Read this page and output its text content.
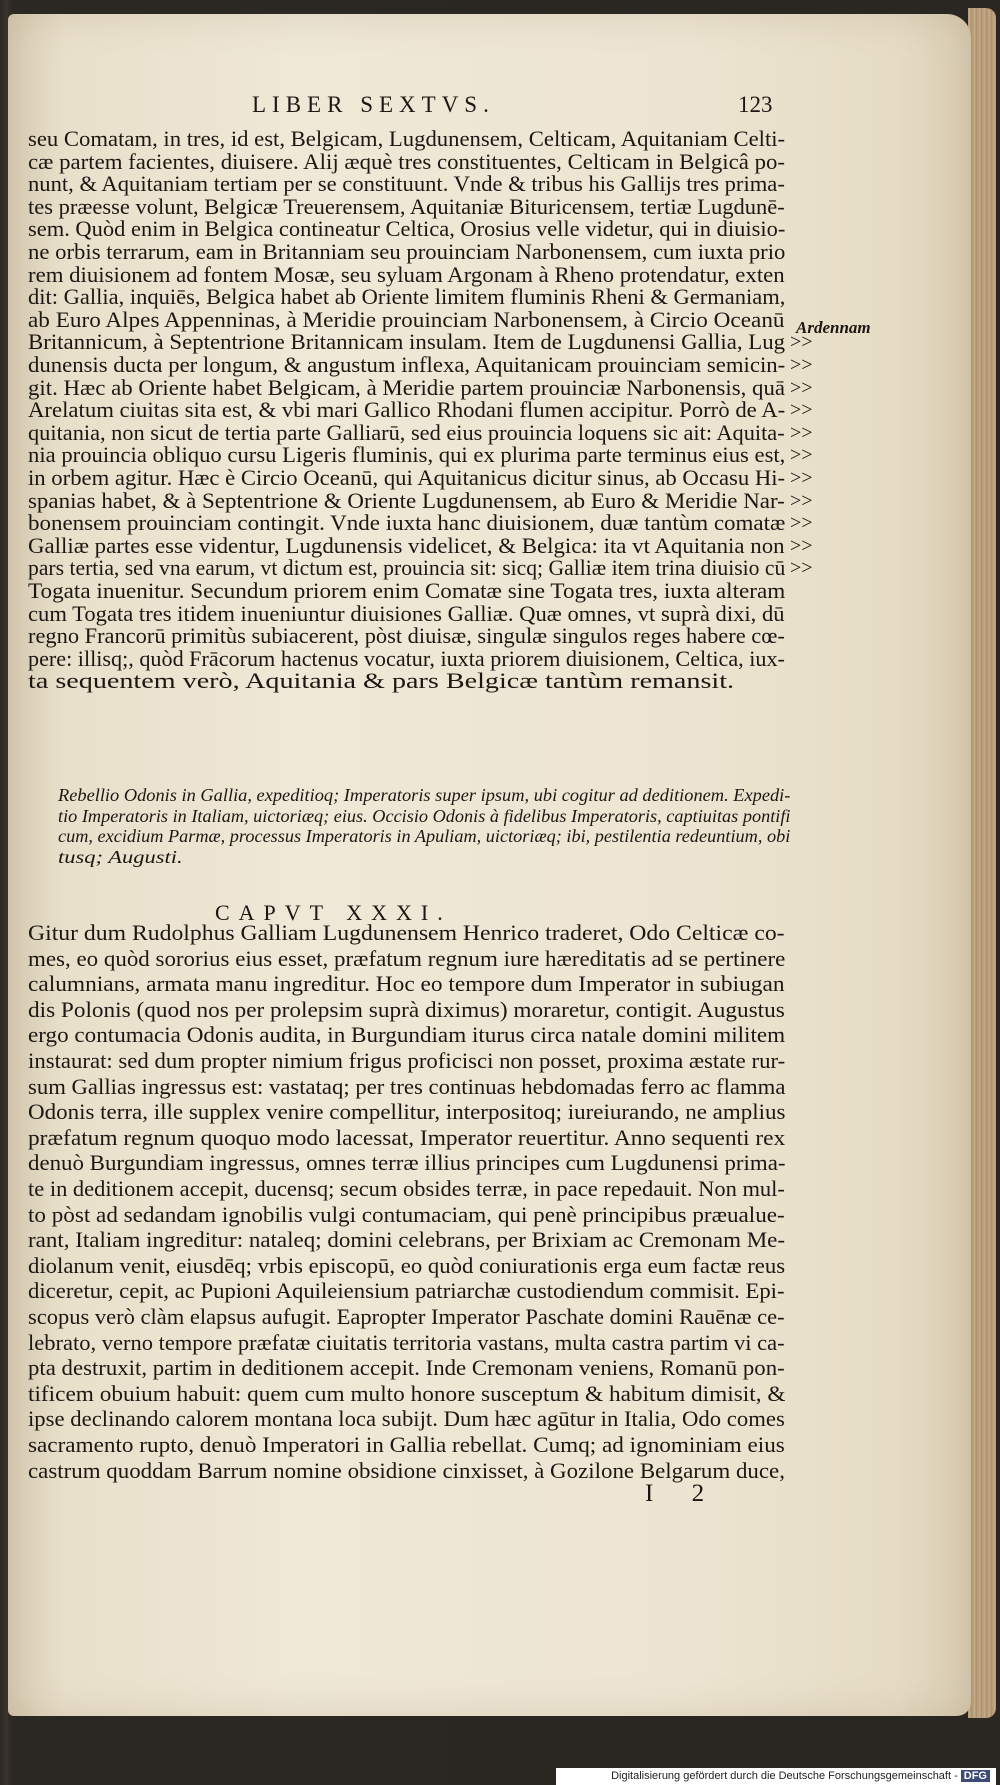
LIBER SEXTVS.	123
Ardennam
seu Comatam, in tres, id est, Belgicam, Lugdunensem, Celticam, Aquitaniam Celti-
cæ partem facientes, diuisere. Alij æquè tres constituentes, Celticam in Belgicâ po-
nunt, & Aquitaniam tertiam per se constituunt. Vnde & tribus his Gallijs tres prima-
tes præesse volunt, Belgicæ Treuerensem, Aquitaniæ Bituricensem, tertiæ Lugdunē-
sem. Quòd enim in Belgica contineatur Celtica, Orosius velle videtur, qui in diuisio-
ne orbis terrarum, eam in Britanniam seu prouinciam Narbonensem, cum iuxta prio
rem diuisionem ad fontem Mosæ, seu syluam Argonam à Rheno protendatur, exten
dit: Gallia, inquiēs, Belgica habet ab Oriente limitem fluminis Rheni & Germaniam,
ab Euro Alpes Appenninas, à Meridie prouinciam Narbonensem, à Circio Oceanū
Britannicum, à Septentrione Britannicam insulam. Item de Lugdunensi Gallia, Lug
dunensis ducta per longum, & angustum inflexa, Aquitanicam prouinciam semicin-
git. Hæc ab Oriente habet Belgicam, à Meridie partem prouinciæ Narbonensis, quā
Arelatum ciuitas sita est, & vbi mari Gallico Rhodani flumen accipitur. Porrò de A-
quitania, non sicut de tertia parte Galliarū, sed eius prouincia loquens sic ait: Aquita-
nia prouincia obliquo cursu Ligeris fluminis, qui ex plurima parte terminus eius est,
in orbem agitur. Hæc è Circio Oceanū, qui Aquitanicus dicitur sinus, ab Occasu Hi-
spanias habet, & à Septentrione & Oriente Lugdunensem, ab Euro & Meridie Nar-
bonensem prouinciam contingit. Vnde iuxta hanc diuisionem, duæ tantùm comatæ
Galliæ partes esse videntur, Lugdunensis videlicet, & Belgica: ita vt Aquitania non
pars tertia, sed vna earum, vt dictum est, prouincia sit: sicq; Galliæ item trina diuisio cū
Togata inuenitur. Secundum priorem enim Comatæ sine Togata tres, iuxta alteram
cum Togata tres itidem inueniuntur diuisiones Galliæ. Quæ omnes, vt suprà dixi, dū
regno Francorū primitùs subiacerent, pòst diuisæ, singulæ singulos reges habere cœ-
pere: illisq;, quòd Frācorum hactenus vocatur, iuxta priorem diuisionem, Celtica, iux-
ta sequentem verò, Aquitania & pars Belgicæ tantùm remansit.
>>
>>
>>
>>
>>
>>
>>
>>
>>
>>
>>
Rebellio Odonis in Gallia, expeditioq; Imperatoris super ipsum, ubi cogitur ad deditionem. Expedi-
tio Imperatoris in Italiam, uictoriæq; eius. Occisio Odonis à fidelibus Imperatoris, captiuitas pontifi
cum, excidium Parmæ, processus Imperatoris in Apuliam, uictoriæq; ibi, pestilentia redeuntium, obi
tusq; Augusti.
CAPVT XXXI.
Gitur dum Rudolphus Galliam Lugdunensem Henrico traderet, Odo Celticæ co-
mes, eo quòd sororius eius esset, præfatum regnum iure hæreditatis ad se pertinere
calumnians, armata manu ingreditur. Hoc eo tempore dum Imperator in subiugan
dis Polonis (quod nos per prolepsim suprà diximus) moraretur, contigit. Augustus
ergo contumacia Odonis audita, in Burgundiam iturus circa natale domini militem
instaurat: sed dum propter nimium frigus proficisci non posset, proxima æstate rur-
sum Gallias ingressus est: vastataq; per tres continuas hebdomadas ferro ac flamma
Odonis terra, ille supplex venire compellitur, interpositoq; iureiurando, ne amplius
præfatum regnum quoquo modo lacessat, Imperator reuertitur. Anno sequenti rex
denuò Burgundiam ingressus, omnes terræ illius principes cum Lugdunensi prima-
te in deditionem accepit, ducensq; secum obsides terræ, in pace repedauit. Non mul-
to pòst ad sedandam ignobilis vulgi contumaciam, qui penè principibus præualue-
rant, Italiam ingreditur: nataleq; domini celebrans, per Brixiam ac Cremonam Me-
diolanum venit, eiusdēq; vrbis episcopū, eo quòd coniurationis erga eum factæ reus
diceretur, cepit, ac Pupioni Aquileiensium patriarchæ custodiendum commisit. Epi-
scopus verò clàm elapsus aufugit. Eapropter Imperator Paschate domini Rauēnæ ce-
lebrato, verno tempore præfatæ ciuitatis territoria vastans, multa castra partim vi ca-
pta destruxit, partim in deditionem accepit. Inde Cremonam veniens, Romanū pon-
tificem obuium habuit: quem cum multo honore susceptum & habitum dimisit, &
ipse declinando calorem montana loca subijt. Dum hæc agūtur in Italia, Odo comes
sacramento rupto, denuò Imperatori in Gallia rebellat. Cumq; ad ignominiam eius
castrum quoddam Barrum nomine obsidione cinxisset, à Gozilone Belgarum duce,
I 2
Digitalisierung gefördert durch die Deutsche Forschungsgemeinschaft - DFG
